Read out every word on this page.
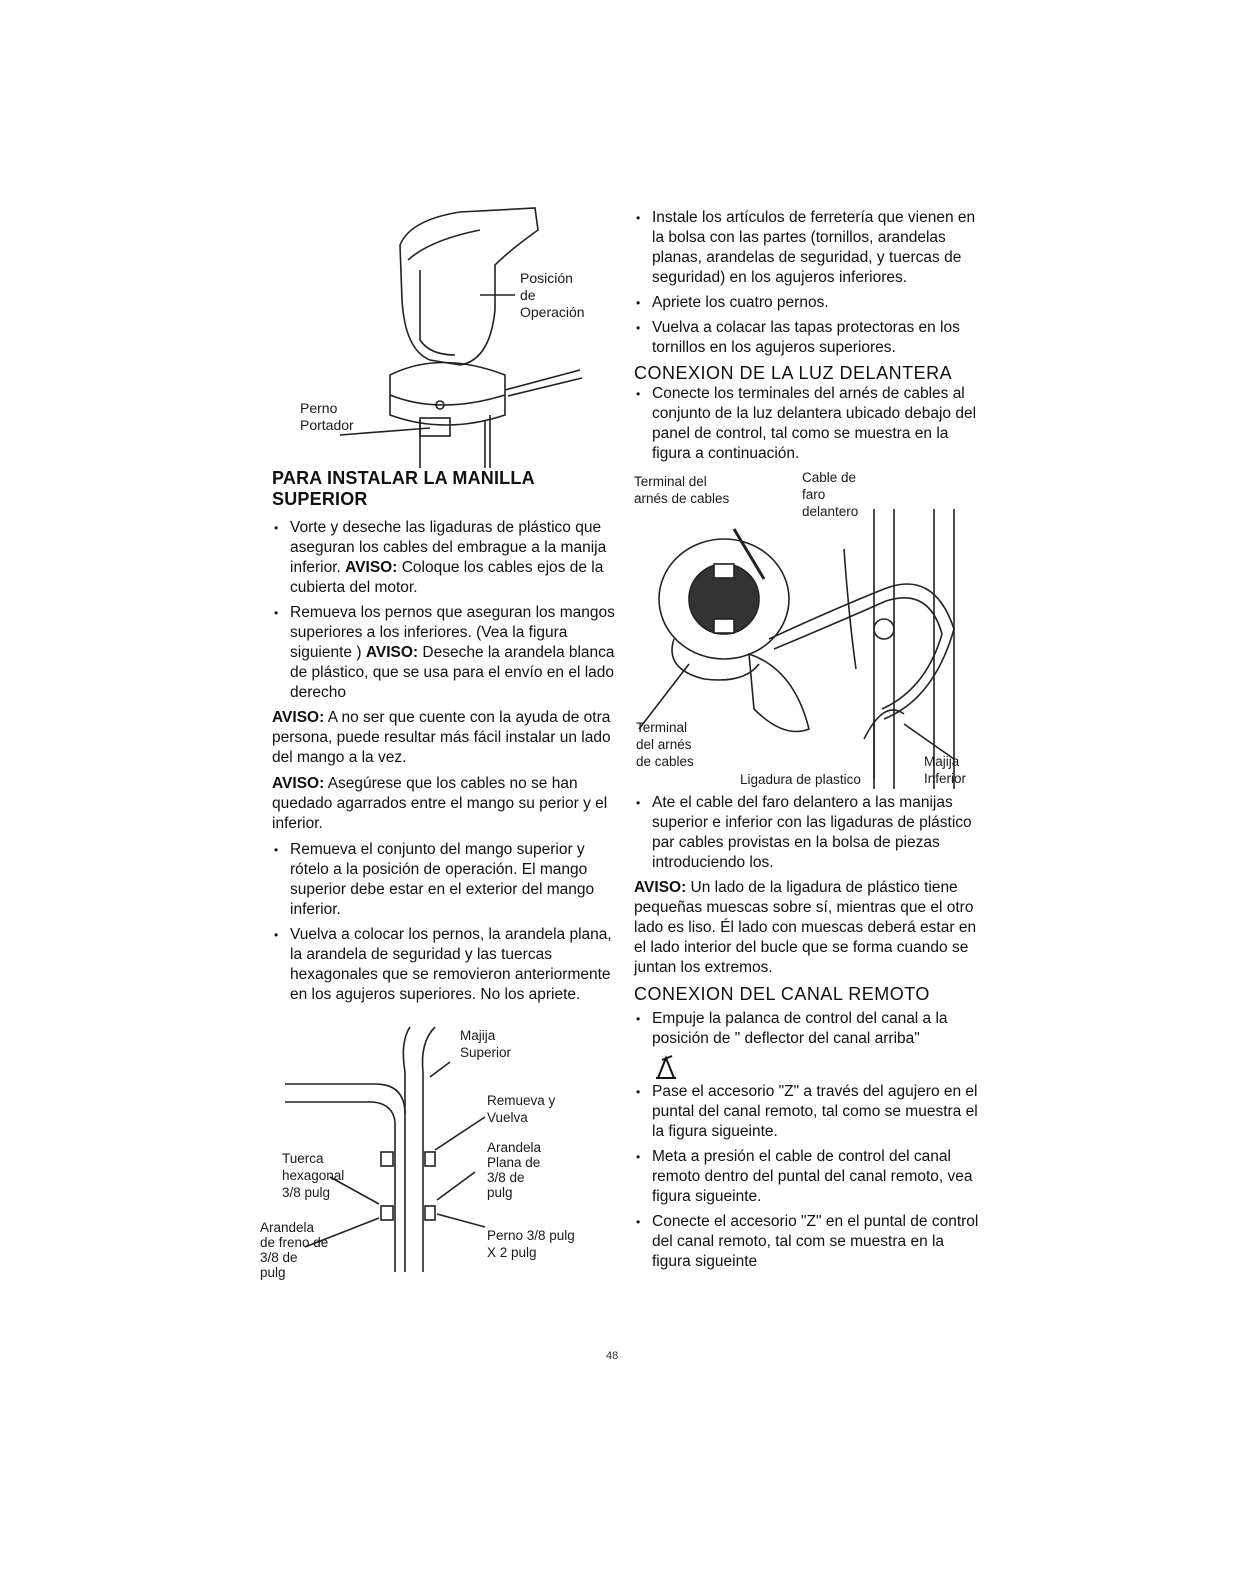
Posición
de
Operación
Perno
Portador
PARA INSTALAR LA MANILLA SUPERIOR
• Vorte y deseche las ligaduras de plástico que aseguran los cables del embrague a la manija inferior. AVISO: Coloque los cables ejos de la cubierta del motor.
• Remueva los pernos que aseguran los mangos superiores a los inferiores. (Vea la figura siguiente ) AVISO: Deseche la arandela blanca de plástico, que se usa para el envío en el lado derecho

AVISO: A no ser que cuente con la ayuda de otra persona, puede resultar más fácil instalar un lado del mango a la vez.

AVISO: Asegúrese que los cables no se han quedado agarrados entre el mango su perior y el inferior.

• Remueva el conjunto del mango superior y rótelo a la posición de operación. El mango superior debe estar en el exterior del mango inferior.
• Vuelva a colocar los pernos, la arandela plana, la arandela de seguridad y las tuercas hexagonales que se removieron anteriormente en los agujeros superiores. No los apriete.
Majija
Superior
Remueva y
Vuelva
Arandela
Plana de
3/8 de
pulg
Tuerca
hexagonal
3/8 pulg
Arandela
de freno de
3/8 de
pulg
Perno 3/8 pulg
X 2 pulg
• Instale los artículos de ferretería que vienen en la bolsa con las partes (tornillos, arandelas planas, arandelas de seguridad, y tuercas de seguridad) en los agujeros inferiores.
• Apriete los cuatro pernos.
• Vuelva a colacar las tapas protectoras en los tornillos en los agujeros superiores.
CONEXION DE LA LUZ DELANTERA
• Conecte los terminales del arnés de cables al conjunto de la luz delantera ubicado debajo del panel de control, tal como se muestra en la figura a continuación.
Terminal del
arnés de cables
Cable de
faro
delantero
Terminal
del arnés
de cables
Ligadura de plastico
Majija
Inferior
• Ate el cable del faro delantero a las manijas superior e inferior con las ligaduras de plástico par cables provistas en la bolsa de piezas introduciendo los.

AVISO: Un lado de la ligadura de plástico tiene pequeñas muescas sobre sí, mientras que el otro lado es liso. Él lado con muescas deberá estar en el lado interior del bucle que se forma cuando se juntan los extremos.

CONEXION DEL CANAL REMOTO
• Empuje la palanca de control del canal a la posición de " deflector del canal arriba"
• Pase el accesorio "Z" a través del agujero en el puntal del canal remoto, tal como se muestra el la figura sigueinte.
• Meta a presión el cable de control del canal remoto dentro del puntal del canal remoto, vea figura sigueinte.
• Conecte el accesorio "Z" en el puntal de control del canal remoto, tal com se muestra en la figura sigueinte
48
